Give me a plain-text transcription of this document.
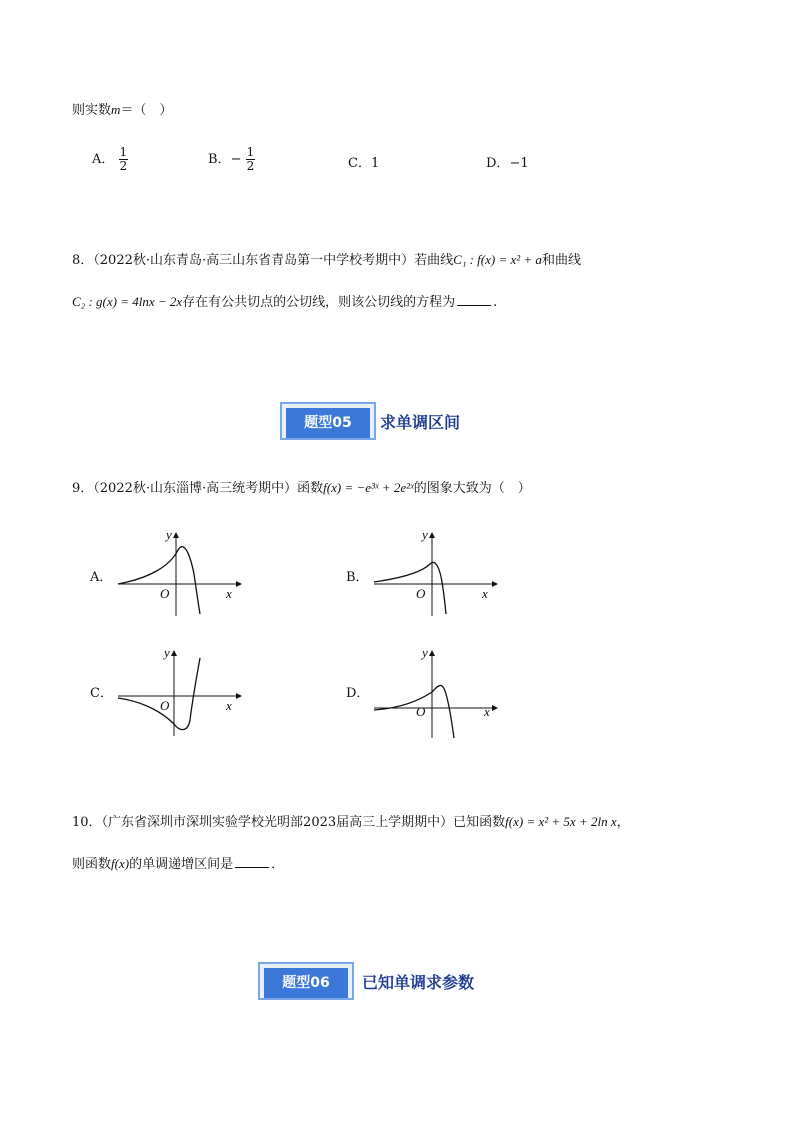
则实数m＝（　）
A． $\frac{1}{2}$	B．− $\frac{1}{2}$	C．1	D．−1
8．（2022秋·山东青岛·高三山东省青岛第一中学校考期中）若曲线C₁ : f(x) = x² + a和曲线
C₂ : g(x) = 4lnx − 2x存在有公共切点的公切线，则该公切线的方程为	.
题型05	求单调区间
9．（2022秋·山东淄博·高三统考期中）函数f(x) = −e³ˣ + 2e²ˣ的图象大致为（　）
A．
y
O	x
B．
y
O	x
C．
y
O	x
D．
y
O	x
10．（广东省深圳市深圳实验学校光明部2023届高三上学期期中）已知函数f(x) = x² + 5x + 2ln x，
则函数f(x)的单调递增区间是	．
题型06	已知单调求参数
